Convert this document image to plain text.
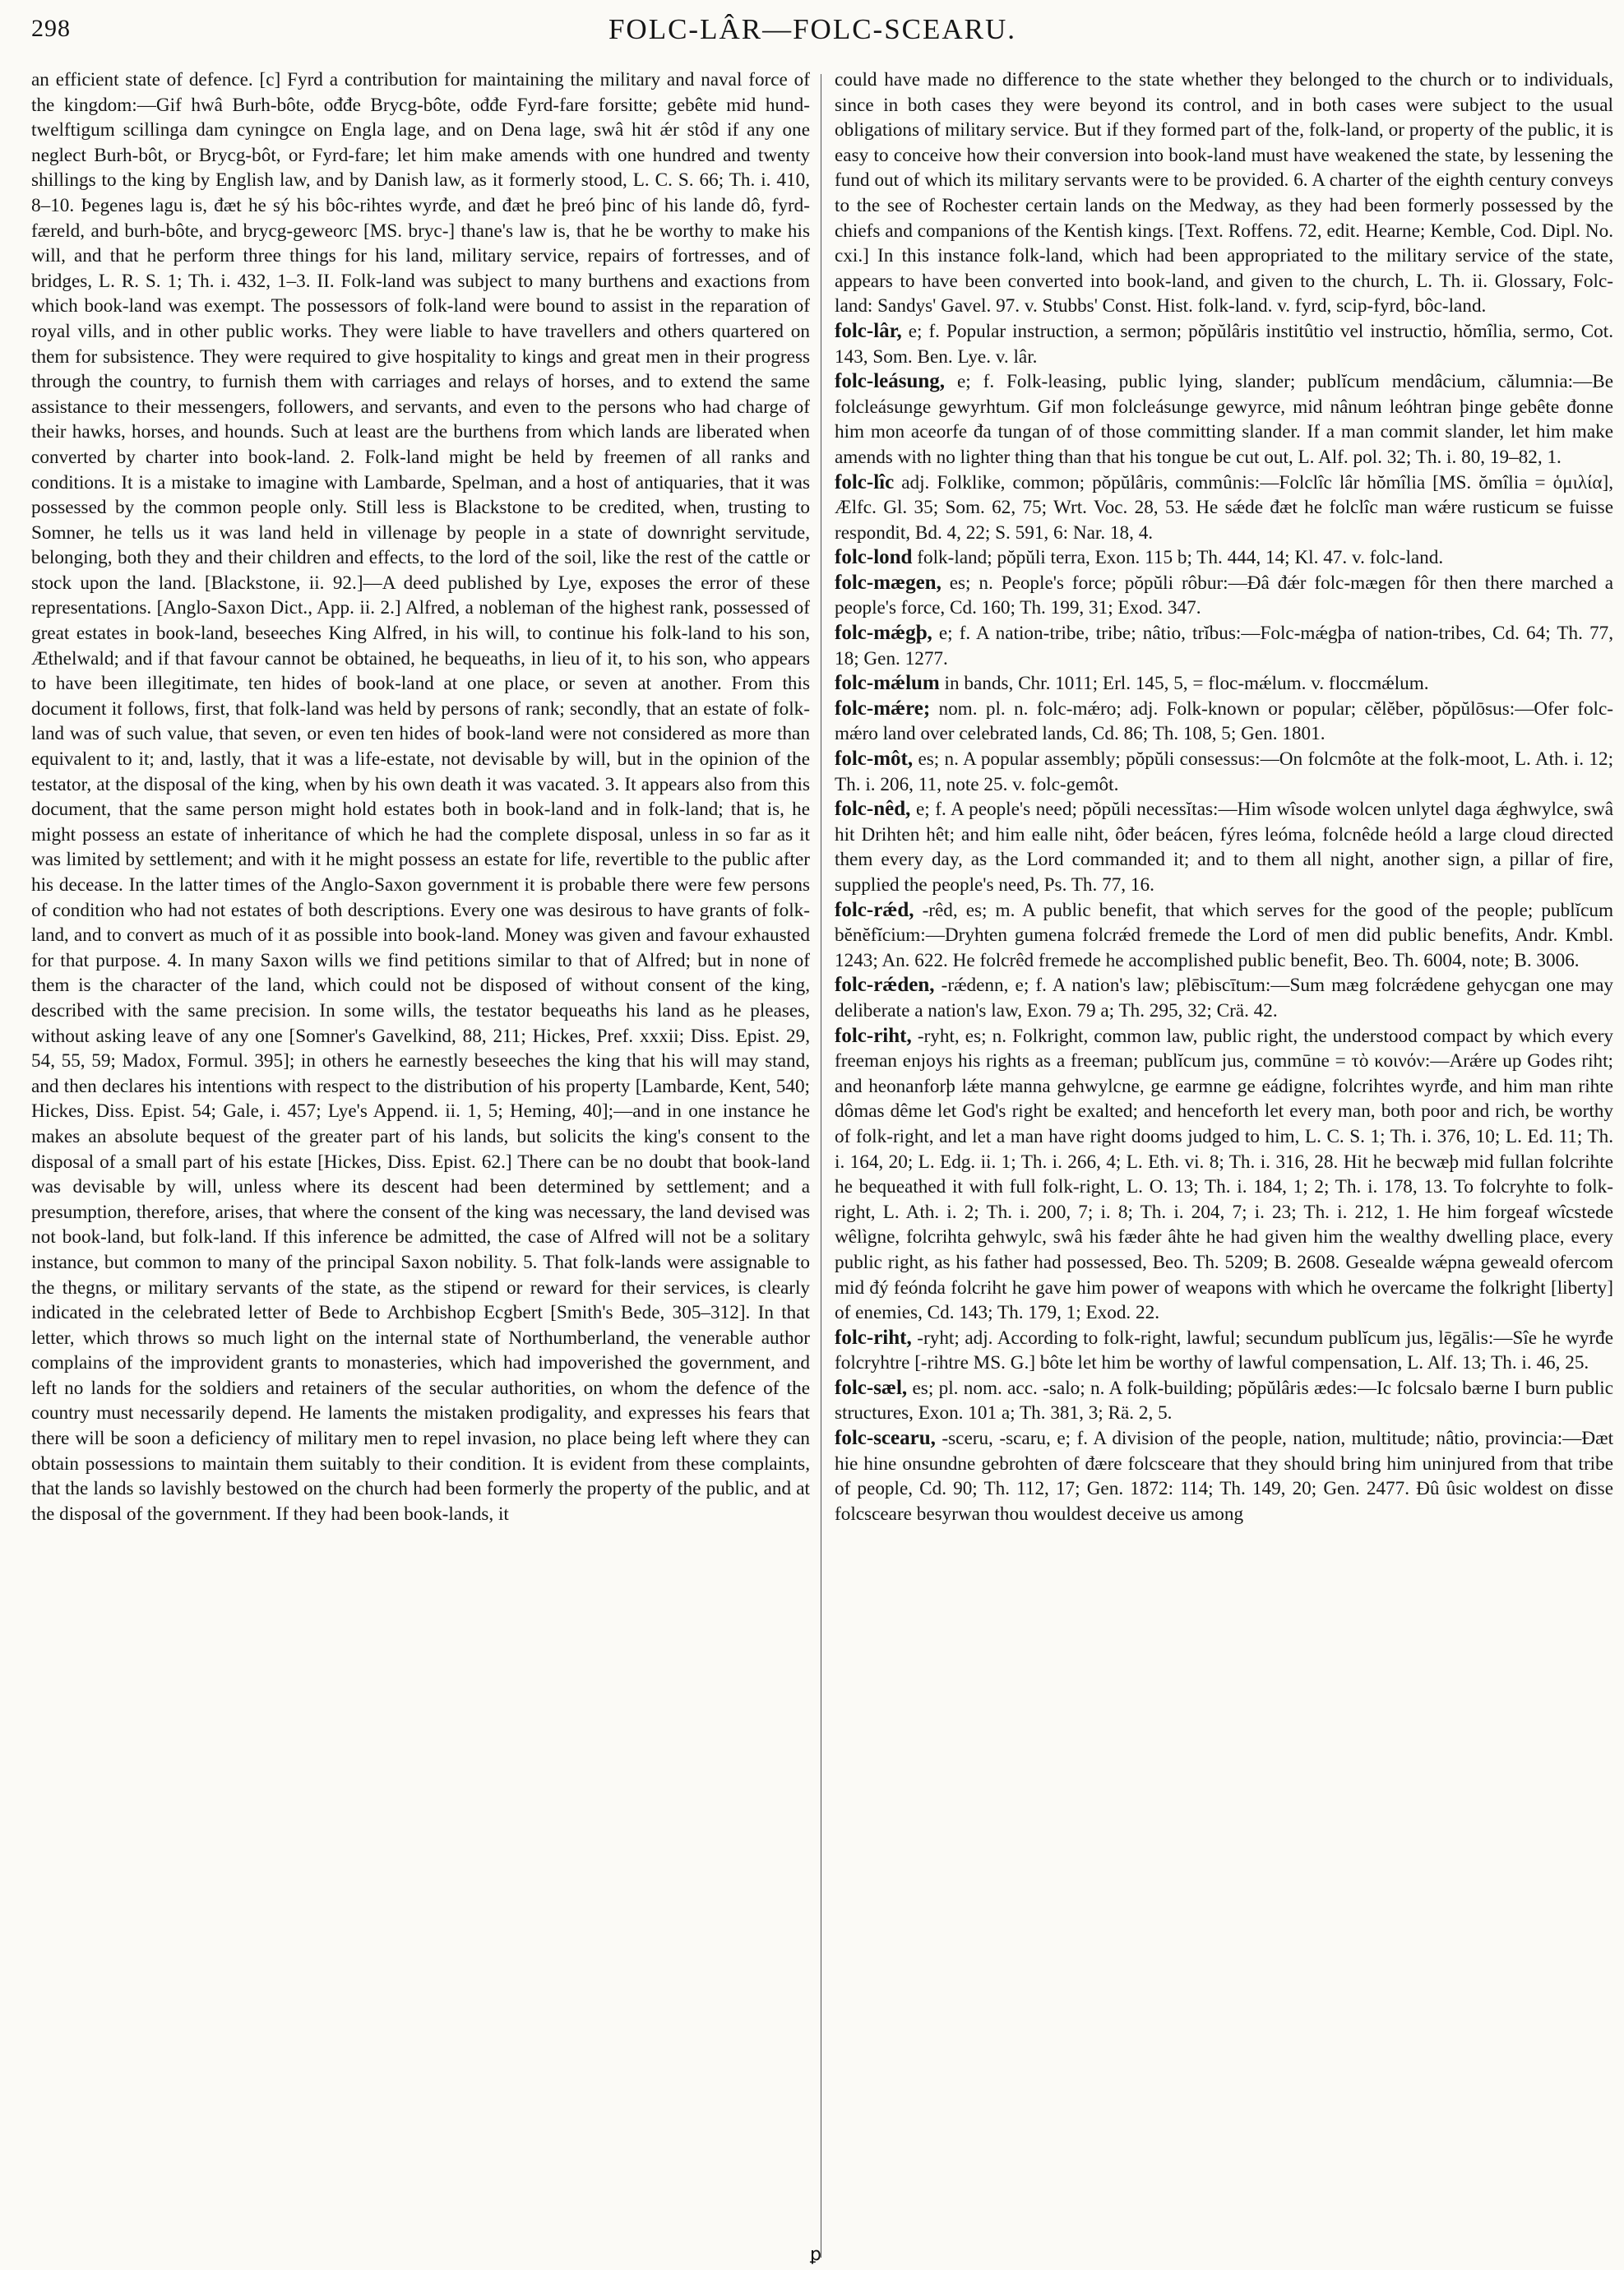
298	FOLC-LÂR—FOLC-SCEARU.

an efficient state of defence. [c] Fyrd a contribution for maintaining the military and naval force of the kingdom:—Gif hwâ Burh-bôte, ođđe Brycg-bôte, ođđe Fyrd-fare forsitte; gebête mid hund-twelftigum scillinga dam cyningce on Engla lage, and on Dena lage, swâ hit ǽr stôd if any one neglect Burh-bôt, or Brycg-bôt, or Fyrd-fare; let him make amends with one hundred and twenty shillings to the king by English law, and by Danish law, as it formerly stood, L. C. S. 66; Th. i. 410, 8–10. Þegenes lagu is, đæt he sý his bôc-rihtes wyrđe, and đæt he þreó þinc of his lande dô, fyrd-færeld, and burh-bôte, and brycg-geweorc [MS. bryc-] thane's law is, that he be worthy to make his will, and that he perform three things for his land, military service, repairs of fortresses, and of bridges, L. R. S. 1; Th. i. 432, 1–3. II. Folk-land was subject to many burthens and exactions from which book-land was exempt. The possessors of folk-land were bound to assist in the reparation of royal vills, and in other public works. They were liable to have travellers and others quartered on them for subsistence. They were required to give hospitality to kings and great men in their progress through the country, to furnish them with carriages and relays of horses, and to extend the same assistance to their messengers, followers, and servants, and even to the persons who had charge of their hawks, horses, and hounds. Such at least are the burthens from which lands are liberated when converted by charter into book-land. 2. Folk-land might be held by freemen of all ranks and conditions. It is a mistake to imagine with Lambarde, Spelman, and a host of antiquaries, that it was possessed by the common people only. Still less is Blackstone to be credited, when, trusting to Somner, he tells us it was land held in villenage by people in a state of downright servitude, belonging, both they and their children and effects, to the lord of the soil, like the rest of the cattle or stock upon the land. [Blackstone, ii. 92.]—A deed published by Lye, exposes the error of these representations. [Anglo-Saxon Dict., App. ii. 2.] Alfred, a nobleman of the highest rank, possessed of great estates in book-land, beseeches King Alfred, in his will, to continue his folk-land to his son, Æthelwald; and if that favour cannot be obtained, he bequeaths, in lieu of it, to his son, who appears to have been illegitimate, ten hides of book-land at one place, or seven at another. From this document it follows, first, that folk-land was held by persons of rank; secondly, that an estate of folk-land was of such value, that seven, or even ten hides of book-land were not considered as more than equivalent to it; and, lastly, that it was a life-estate, not devisable by will, but in the opinion of the testator, at the disposal of the king, when by his own death it was vacated. 3. It appears also from this document, that the same person might hold estates both in book-land and in folk-land; that is, he might possess an estate of inheritance of which he had the complete disposal, unless in so far as it was limited by settlement; and with it he might possess an estate for life, revertible to the public after his decease. In the latter times of the Anglo-Saxon government it is probable there were few persons of condition who had not estates of both descriptions. Every one was desirous to have grants of folk-land, and to convert as much of it as possible into book-land. Money was given and favour exhausted for that purpose. 4. In many Saxon wills we find petitions similar to that of Alfred; but in none of them is the character of the land, which could not be disposed of without consent of the king, described with the same precision. In some wills, the testator bequeaths his land as he pleases, without asking leave of any one [Somner's Gavelkind, 88, 211; Hickes, Pref. xxxii; Diss. Epist. 29, 54, 55, 59; Madox, Formul. 395]; in others he earnestly beseeches the king that his will may stand, and then declares his intentions with respect to the distribution of his property [Lambarde, Kent, 540; Hickes, Diss. Epist. 54; Gale, i. 457; Lye's Append. ii. 1, 5; Heming, 40];—and in one instance he makes an absolute bequest of the greater part of his lands, but solicits the king's consent to the disposal of a small part of his estate [Hickes, Diss. Epist. 62.] There can be no doubt that book-land was devisable by will, unless where its descent had been determined by settlement; and a presumption, therefore, arises, that where the consent of the king was necessary, the land devised was not book-land, but folk-land. If this inference be admitted, the case of Alfred will not be a solitary instance, but common to many of the principal Saxon nobility. 5. That folk-lands were assignable to the thegns, or military servants of the state, as the stipend or reward for their services, is clearly indicated in the celebrated letter of Bede to Archbishop Ecgbert [Smith's Bede, 305–312]. In that letter, which throws so much light on the internal state of Northumberland, the venerable author complains of the improvident grants to monasteries, which had impoverished the government, and left no lands for the soldiers and retainers of the secular authorities, on whom the defence of the country must necessarily depend. He laments the mistaken prodigality, and expresses his fears that there will be soon a deficiency of military men to repel invasion, no place being left where they can obtain possessions to maintain them suitably to their condition. It is evident from these complaints, that the lands so lavishly bestowed on the church had been formerly the property of the public, and at the disposal of the government. If they had been book-lands, it

could have made no difference to the state whether they belonged to the church or to individuals, since in both cases they were beyond its control, and in both cases were subject to the usual obligations of military service. But if they formed part of the, folk-land, or property of the public, it is easy to conceive how their conversion into book-land must have weakened the state, by lessening the fund out of which its military servants were to be provided. 6. A charter of the eighth century conveys to the see of Rochester certain lands on the Medway, as they had been formerly possessed by the chiefs and companions of the Kentish kings. [Text. Roffens. 72, edit. Hearne; Kemble, Cod. Dipl. No. cxi.] In this instance folk-land, which had been appropriated to the military service of the state, appears to have been converted into book-land, and given to the church, L. Th. ii. Glossary, Folc-land: Sandys' Gavel. 97. v. Stubbs' Const. Hist. folk-land. v. fyrd, scip-fyrd, bôc-land.

folc-lâr, e; f. Popular instruction, a sermon; pŏpŭlâris institûtio vel instructio, hŏmîlia, sermo, Cot. 143, Som. Ben. Lye. v. lâr.

folc-leásung, e; f. Folk-leasing, public lying, slander; publĭcum mendâcium, călumnia:—Be folcleásunge gewyrhtum. Gif mon folcleásunge gewyrce, mid nânum leóhtran þinge gebête đonne him mon aceorfe đa tungan of of those committing slander. If a man commit slander, let him make amends with no lighter thing than that his tongue be cut out, L. Alf. pol. 32; Th. i. 80, 19–82, 1.

folc-lîc adj. Folklike, common; pŏpŭlâris, commûnis:—Folclîc lâr hŏmîlia [MS. ŏmîlia = ὁμιλία], Ælfc. Gl. 35; Som. 62, 75; Wrt. Voc. 28, 53. He sǽde đæt he folclîc man wǽre rusticum se fuisse respondit, Bd. 4, 22; S. 591, 6: Nar. 18, 4.

folc-lond folk-land; pŏpŭli terra, Exon. 115 b; Th. 444, 14; Kl. 47. v. folc-land.

folc-mægen, es; n. People's force; pŏpŭli rôbur:—Đâ đǽr folc-mægen fôr then there marched a people's force, Cd. 160; Th. 199, 31; Exod. 347.

folc-mǽgþ, e; f. A nation-tribe, tribe; nâtio, trĭbus:—Folc-mǽgþa of nation-tribes, Cd. 64; Th. 77, 18; Gen. 1277.

folc-mǽlum in bands, Chr. 1011; Erl. 145, 5, = floc-mǽlum. v. floccmǽlum.

folc-mǽre; nom. pl. n. folc-mǽro; adj. Folk-known or popular; cĕlĕber, pŏpŭlōsus:—Ofer folc-mǽro land over celebrated lands, Cd. 86; Th. 108, 5; Gen. 1801.

folc-môt, es; n. A popular assembly; pŏpŭli consessus:—On folcmôte at the folk-moot, L. Ath. i. 12; Th. i. 206, 11, note 25. v. folc-gemôt.

folc-nêd, e; f. A people's need; pŏpŭli necessĭtas:—Him wîsode wolcen unlytel daga ǽghwylce, swâ hit Drihten hêt; and him ealle niht, ôđer beácen, fýres leóma, folcnêde heóld a large cloud directed them every day, as the Lord commanded it; and to them all night, another sign, a pillar of fire, supplied the people's need, Ps. Th. 77, 16.

folc-rǽd, -rêd, es; m. A public benefit, that which serves for the good of the people; publĭcum bĕnĕfĭcium:—Dryhten gumena folcrǽd fremede the Lord of men did public benefits, Andr. Kmbl. 1243; An. 622. He folcrêd fremede he accomplished public benefit, Beo. Th. 6004, note; B. 3006.

folc-rǽden, -rǽdenn, e; f. A nation's law; plēbiscītum:—Sum mæg folcrǽdene gehycgan one may deliberate a nation's law, Exon. 79 a; Th. 295, 32; Crä. 42.

folc-riht, -ryht, es; n. Folkright, common law, public right, the understood compact by which every freeman enjoys his rights as a freeman; publĭcum jus, commūne = τὸ κοινόν:—Arǽre up Godes riht; and heonanforþ lǽte manna gehwylcne, ge earmne ge eádigne, folcrihtes wyrđe, and him man rihte dômas dême let God's right be exalted; and henceforth let every man, both poor and rich, be worthy of folk-right, and let a man have right dooms judged to him, L. C. S. 1; Th. i. 376, 10; L. Ed. 11; Th. i. 164, 20; L. Edg. ii. 1; Th. i. 266, 4; L. Eth. vi. 8; Th. i. 316, 28. Hit he becwæþ mid fullan folcrihte he bequeathed it with full folk-right, L. O. 13; Th. i. 184, 1; 2; Th. i. 178, 13. To folcryhte to folk-right, L. Ath. i. 2; Th. i. 200, 7; i. 8; Th. i. 204, 7; i. 23; Th. i. 212, 1. He him forgeaf wîcstede wêlìgne, folcrihta gehwylc, swâ his fæder âhte he had given him the wealthy dwelling place, every public right, as his father had possessed, Beo. Th. 5209; B. 2608. Gesealde wǽpna geweald ofercom mid đý feónda folcriht he gave him power of weapons with which he overcame the folkright [liberty] of enemies, Cd. 143; Th. 179, 1; Exod. 22.

folc-riht, -ryht; adj. According to folk-right, lawful; secundum publĭcum jus, lēgālis:—Sîe he wyrđe folcryhtre [-rihtre MS. G.] bôte let him be worthy of lawful compensation, L. Alf. 13; Th. i. 46, 25.

folc-sæl, es; pl. nom. acc. -salo; n. A folk-building; pŏpŭlâris ædes:—Ic folcsalo bærne I burn public structures, Exon. 101 a; Th. 381, 3; Rä. 2, 5.

folc-scearu, -sceru, -scaru, e; f. A division of the people, nation, multitude; nâtio, provincia:—Đæt hie hine onsundne gebrohten of đære folcsceare that they should bring him uninjured from that tribe of people, Cd. 90; Th. 112, 17; Gen. 1872: 114; Th. 149, 20; Gen. 2477. Đû ûsic woldest on đisse folcsceare besyrwan thou wouldest deceive us among

ꝑ
